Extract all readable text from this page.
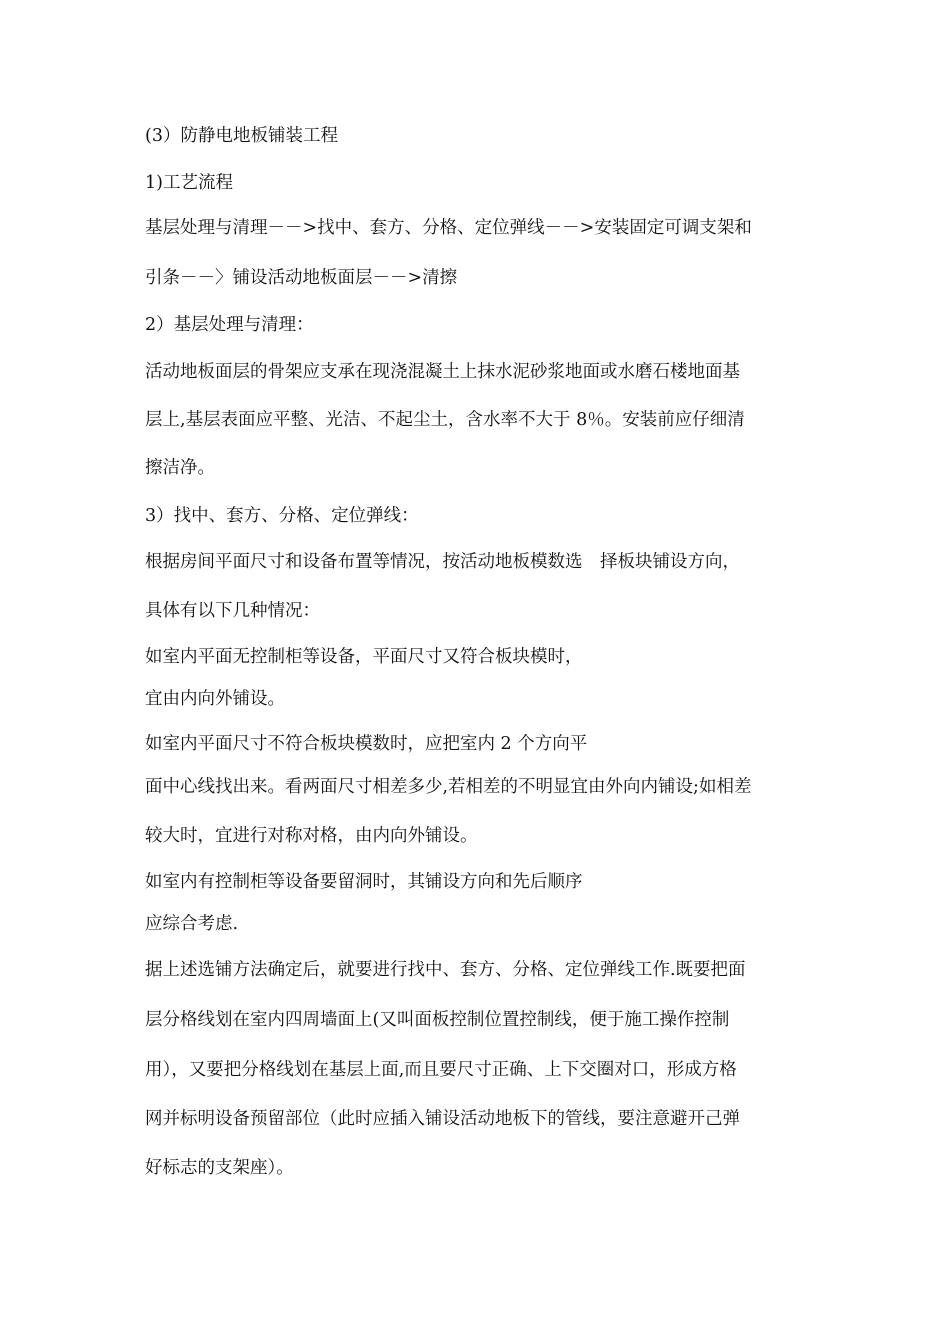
(3）防静电地板铺装工程
1)工艺流程
基层处理与清理－－>找中、套方、分格、定位弹线－－>安装固定可调支架和
引条－－〉铺设活动地板面层－－>清擦
2）基层处理与清理：
活动地板面层的骨架应支承在现浇混凝土上抹水泥砂浆地面或水磨石楼地面基
层上,基层表面应平整、光洁、不起尘土，含水率不大于 8％。安装前应仔细清
擦洁净。
3）找中、套方、分格、定位弹线：
根据房间平面尺寸和设备布置等情况，按活动地板模数选　择板块铺设方向，
具体有以下几种情况：
如室内平面无控制柜等设备，平面尺寸又符合板块模时，
宜由内向外铺设。
如室内平面尺寸不符合板块模数时，应把室内 2 个方向平
面中心线找出来。看两面尺寸相差多少,若相差的不明显宜由外向内铺设;如相差
较大时，宜进行对称对格，由内向外铺设。
如室内有控制柜等设备要留洞时，其铺设方向和先后顺序
应综合考虑.
据上述选铺方法确定后，就要进行找中、套方、分格、定位弹线工作.既要把面
层分格线划在室内四周墙面上(又叫面板控制位置控制线，便于施工操作控制
用），又要把分格线划在基层上面,而且要尺寸正确、上下交圈对口，形成方格
网并标明设备预留部位（此时应插入铺设活动地板下的管线，要注意避开己弹
好标志的支架座）。
